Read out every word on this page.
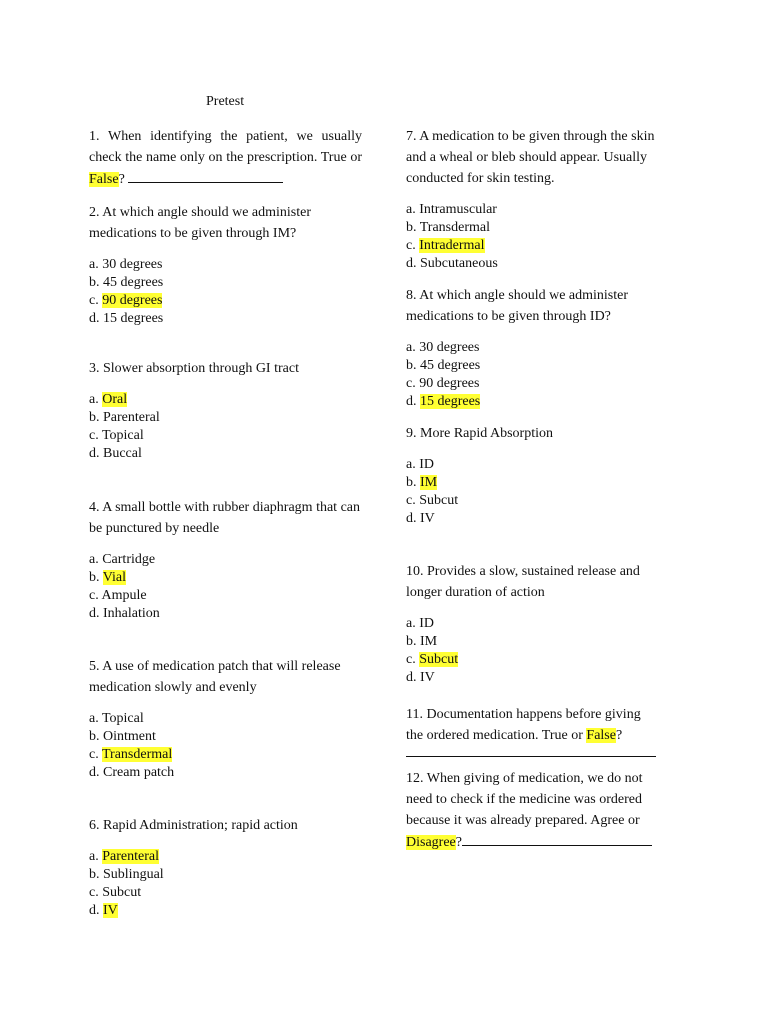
Pretest

1. When identifying the patient, we usually check the name only on the prescription. True or False?

2. At which angle should we administer medications to be given through IM?

a. 30 degrees
b. 45 degrees
c. 90 degrees
d. 15 degrees

3. Slower absorption through GI tract

a. Oral
b. Parenteral
c. Topical
d. Buccal

4. A small bottle with rubber diaphragm that can be punctured by needle

a. Cartridge
b. Vial
c. Ampule
d. Inhalation

5. A use of medication patch that will release medication slowly and evenly

a. Topical
b. Ointment
c. Transdermal
d. Cream patch

6. Rapid Administration; rapid action

a. Parenteral
b. Sublingual
c. Subcut
d. IV

7. A medication to be given through the skin and a wheal or bleb should appear. Usually conducted for skin testing.

a. Intramuscular
b. Transdermal
c. Intradermal
d. Subcutaneous

8. At which angle should we administer medications to be given through ID?

a. 30 degrees
b. 45 degrees
c. 90 degrees
d. 15 degrees

9. More Rapid Absorption

a. ID
b. IM
c. Subcut
d. IV

10. Provides a slow, sustained release and longer duration of action

a. ID
b. IM
c. Subcut
d. IV

11. Documentation happens before giving the ordered medication. True or False?

12. When giving of medication, we do not need to check if the medicine was ordered because it was already prepared. Agree or Disagree?
